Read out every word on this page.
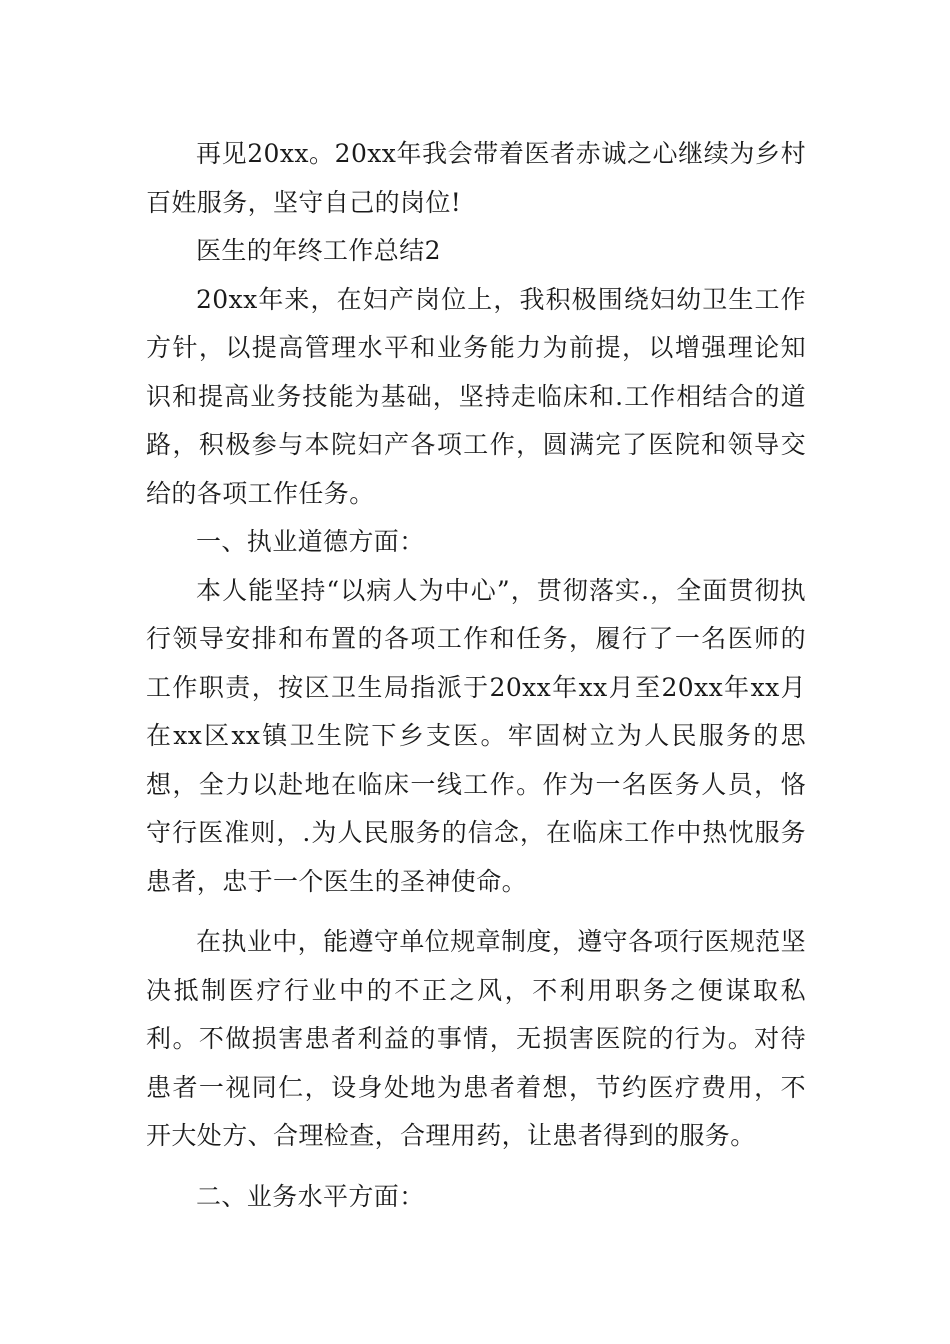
再见20xx。20xx年我会带着医者赤诚之心继续为乡村百姓服务，坚守自己的岗位!

医生的年终工作总结2

20xx年来，在妇产岗位上，我积极围绕妇幼卫生工作方针，以提高管理水平和业务能力为前提，以增强理论知识和提高业务技能为基础，坚持走临床和.工作相结合的道路，积极参与本院妇产各项工作，圆满完了医院和领导交给的各项工作任务。

一、执业道德方面：

本人能坚持“以病人为中心”，贯彻落实.，全面贯彻执行领导安排和布置的各项工作和任务，履行了一名医师的工作职责，按区卫生局指派于20xx年xx月至20xx年xx月在xx区xx镇卫生院下乡支医。牢固树立为人民服务的思想，全力以赴地在临床一线工作。作为一名医务人员，恪守行医准则，.为人民服务的信念，在临床工作中热忱服务患者，忠于一个医生的圣神使命。

在执业中，能遵守单位规章制度，遵守各项行医规范坚决抵制医疗行业中的不正之风，不利用职务之便谋取私利。不做损害患者利益的事情，无损害医院的行为。对待患者一视同仁，设身处地为患者着想，节约医疗费用，不开大处方、合理检查，合理用药，让患者得到的服务。

二、业务水平方面：
